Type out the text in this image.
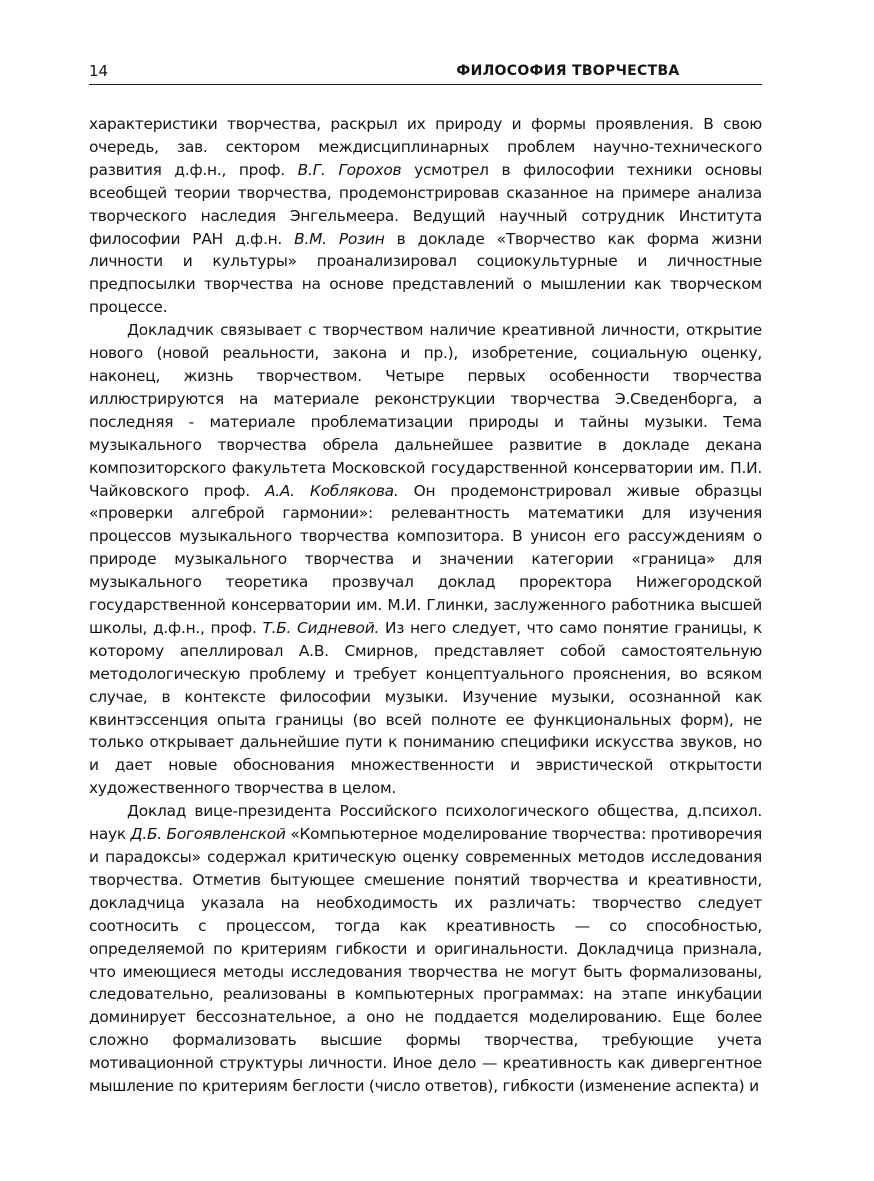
14	ФИЛОСОФИЯ ТВОРЧЕСТВА

характеристики творчества, раскрыл их природу и формы проявления. В свою очередь, зав. сектором междисциплинарных проблем научно-технического развития д.ф.н., проф. В.Г. Горохов усмотрел в философии техники основы всеобщей теории творчества, продемонстрировав сказанное на примере анализа творческого наследия Энгельмеера. Ведущий научный сотрудник Института философии РАН д.ф.н. В.М. Розин в докладе «Творчество как форма жизни личности и культуры» проанализировал социокультурные и личностные предпосылки творчества на основе представлений о мышлении как творческом процессе.

Докладчик связывает с творчеством наличие креативной личности, открытие нового (новой реальности, закона и пр.), изобретение, социальную оценку, наконец, жизнь творчеством. Четыре первых особенности творчества иллюстрируются на материале реконструкции творчества Э.Сведенборга, а последняя - материале проблематизации природы и тайны музыки. Тема музыкального творчества обрела дальнейшее развитие в докладе декана композиторского факультета Московской государственной консерватории им. П.И. Чайковского проф. А.А. Коблякова. Он продемонстрировал живые образцы «проверки алгеброй гармонии»: релевантность математики для изучения процессов музыкального творчества композитора. В унисон его рассуждениям о природе музыкального творчества и значении категории «граница» для музыкального теоретика прозвучал доклад проректора Нижегородской государственной консерватории им. М.И. Глинки, заслуженного работника высшей школы, д.ф.н., проф. Т.Б. Сидневой. Из него следует, что само понятие границы, к которому апеллировал А.В. Смирнов, представляет собой самостоятельную методологическую проблему и требует концептуального прояснения, во всяком случае, в контексте философии музыки. Изучение музыки, осознанной как квинтэссенция опыта границы (во всей полноте ее функциональных форм), не только открывает дальнейшие пути к пониманию специфики искусства звуков, но и дает новые обоснования множественности и эвристической открытости художественного творчества в целом.

Доклад вице-президента Российского психологического общества, д.психол. наук Д.Б. Богоявленской «Компьютерное моделирование творчества: противоречия и парадоксы» содержал критическую оценку современных методов исследования творчества. Отметив бытующее смешение понятий творчества и креативности, докладчица указала на необходимость их различать: творчество следует соотносить с процессом, тогда как креативность — со способностью, определяемой по критериям гибкости и оригинальности. Докладчица признала, что имеющиеся методы исследования творчества не могут быть формализованы, следовательно, реализованы в компьютерных программах: на этапе инкубации доминирует бессознательное, а оно не поддается моделированию. Еще более сложно формализовать высшие формы творчества, требующие учета мотивационной структуры личности. Иное дело — креативность как дивергентное мышление по критериям беглости (число ответов), гибкости (изменение аспекта) и
